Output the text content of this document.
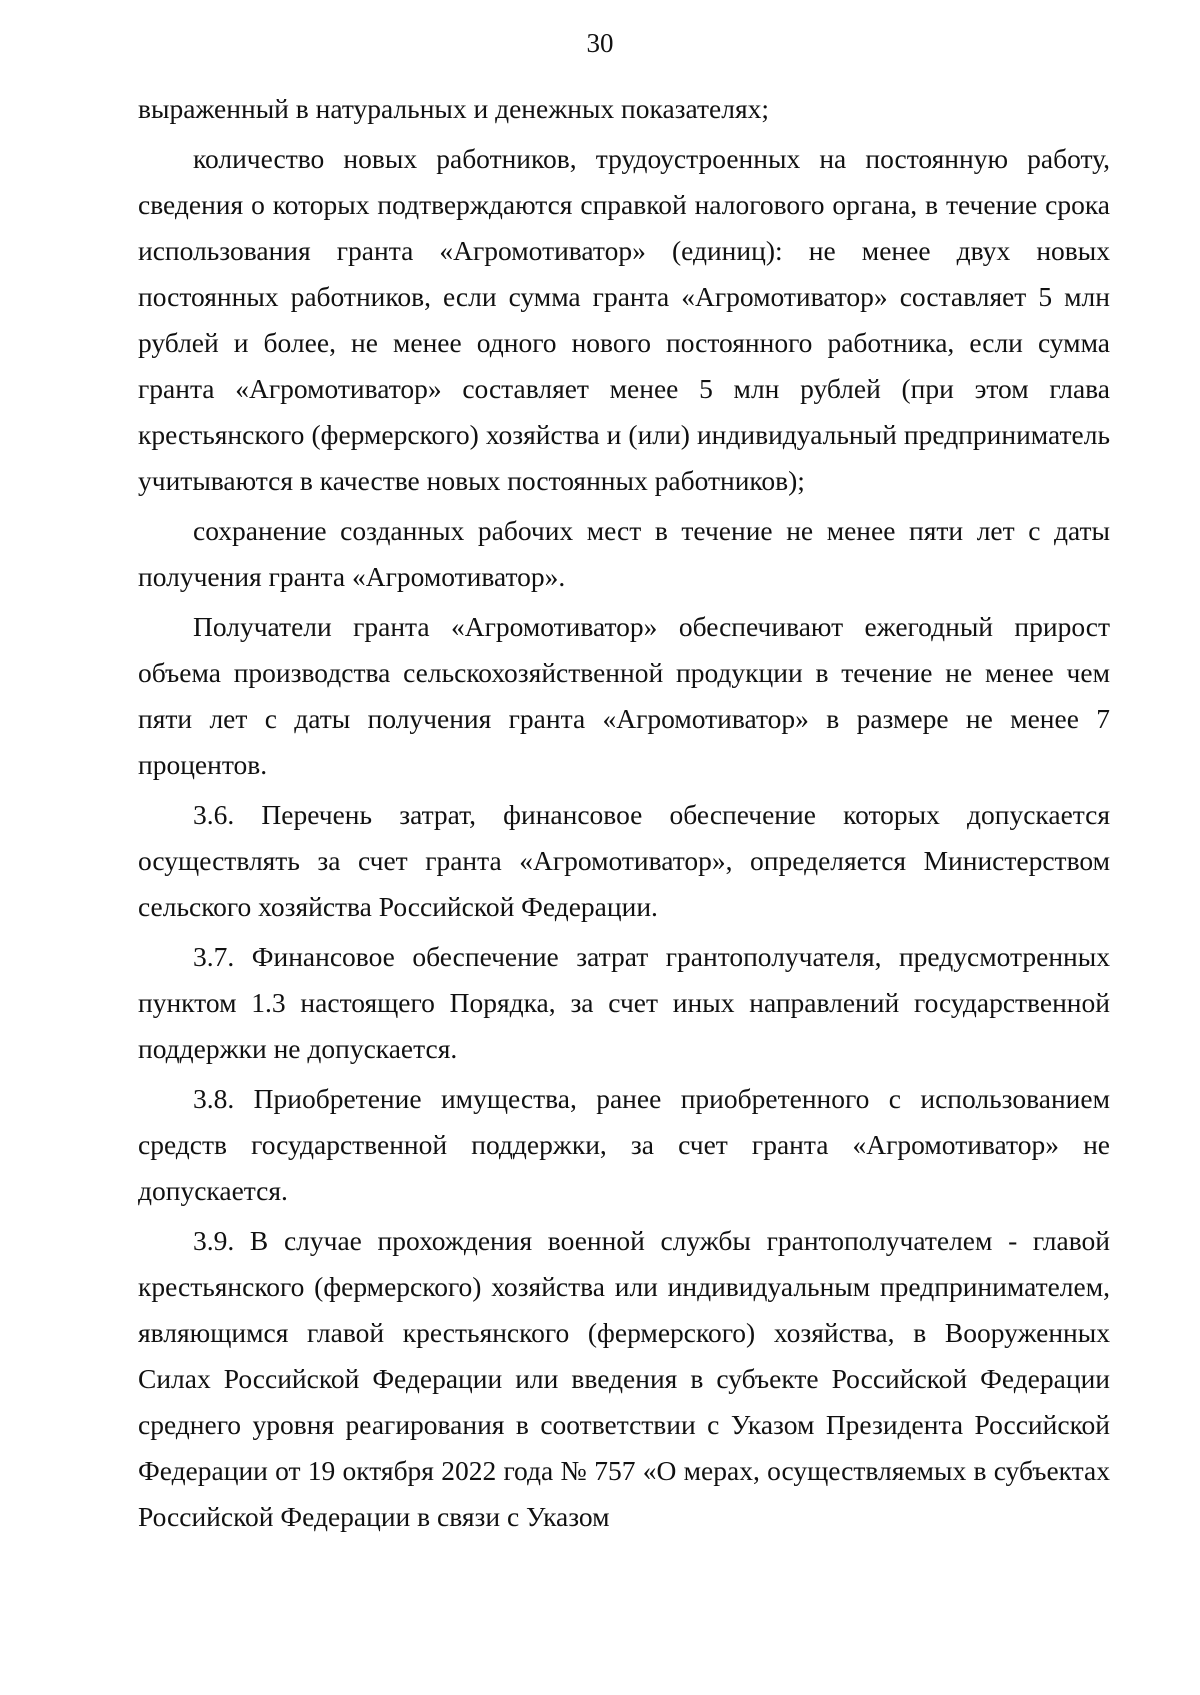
30

выраженный в натуральных и денежных показателях;

количество новых работников, трудоустроенных на постоянную работу, сведения о которых подтверждаются справкой налогового органа, в течение срока использования гранта «Агромотиватор» (единиц): не менее двух новых постоянных работников, если сумма гранта «Агромотиватор» составляет 5 млн рублей и более, не менее одного нового постоянного работника, если сумма гранта «Агромотиватор» составляет менее 5 млн рублей (при этом глава крестьянского (фермерского) хозяйства и (или) индивидуальный предприниматель учитываются в качестве новых постоянных работников);

сохранение созданных рабочих мест в течение не менее пяти лет с даты получения гранта «Агромотиватор».

Получатели гранта «Агромотиватор» обеспечивают ежегодный прирост объема производства сельскохозяйственной продукции в течение не менее чем пяти лет с даты получения гранта «Агромотиватор» в размере не менее 7 процентов.

3.6. Перечень затрат, финансовое обеспечение которых допускается осуществлять за счет гранта «Агромотиватор», определяется Министерством сельского хозяйства Российской Федерации.

3.7. Финансовое обеспечение затрат грантополучателя, предусмотренных пунктом 1.3 настоящего Порядка, за счет иных направлений государственной поддержки не допускается.

3.8. Приобретение имущества, ранее приобретенного с использованием средств государственной поддержки, за счет гранта «Агромотиватор» не допускается.

3.9. В случае прохождения военной службы грантополучателем - главой крестьянского (фермерского) хозяйства или индивидуальным предпринимателем, являющимся главой крестьянского (фермерского) хозяйства, в Вооруженных Силах Российской Федерации или введения в субъекте Российской Федерации среднего уровня реагирования в соответствии с Указом Президента Российской Федерации от 19 октября 2022 года № 757 «О мерах, осуществляемых в субъектах Российской Федерации в связи с Указом
